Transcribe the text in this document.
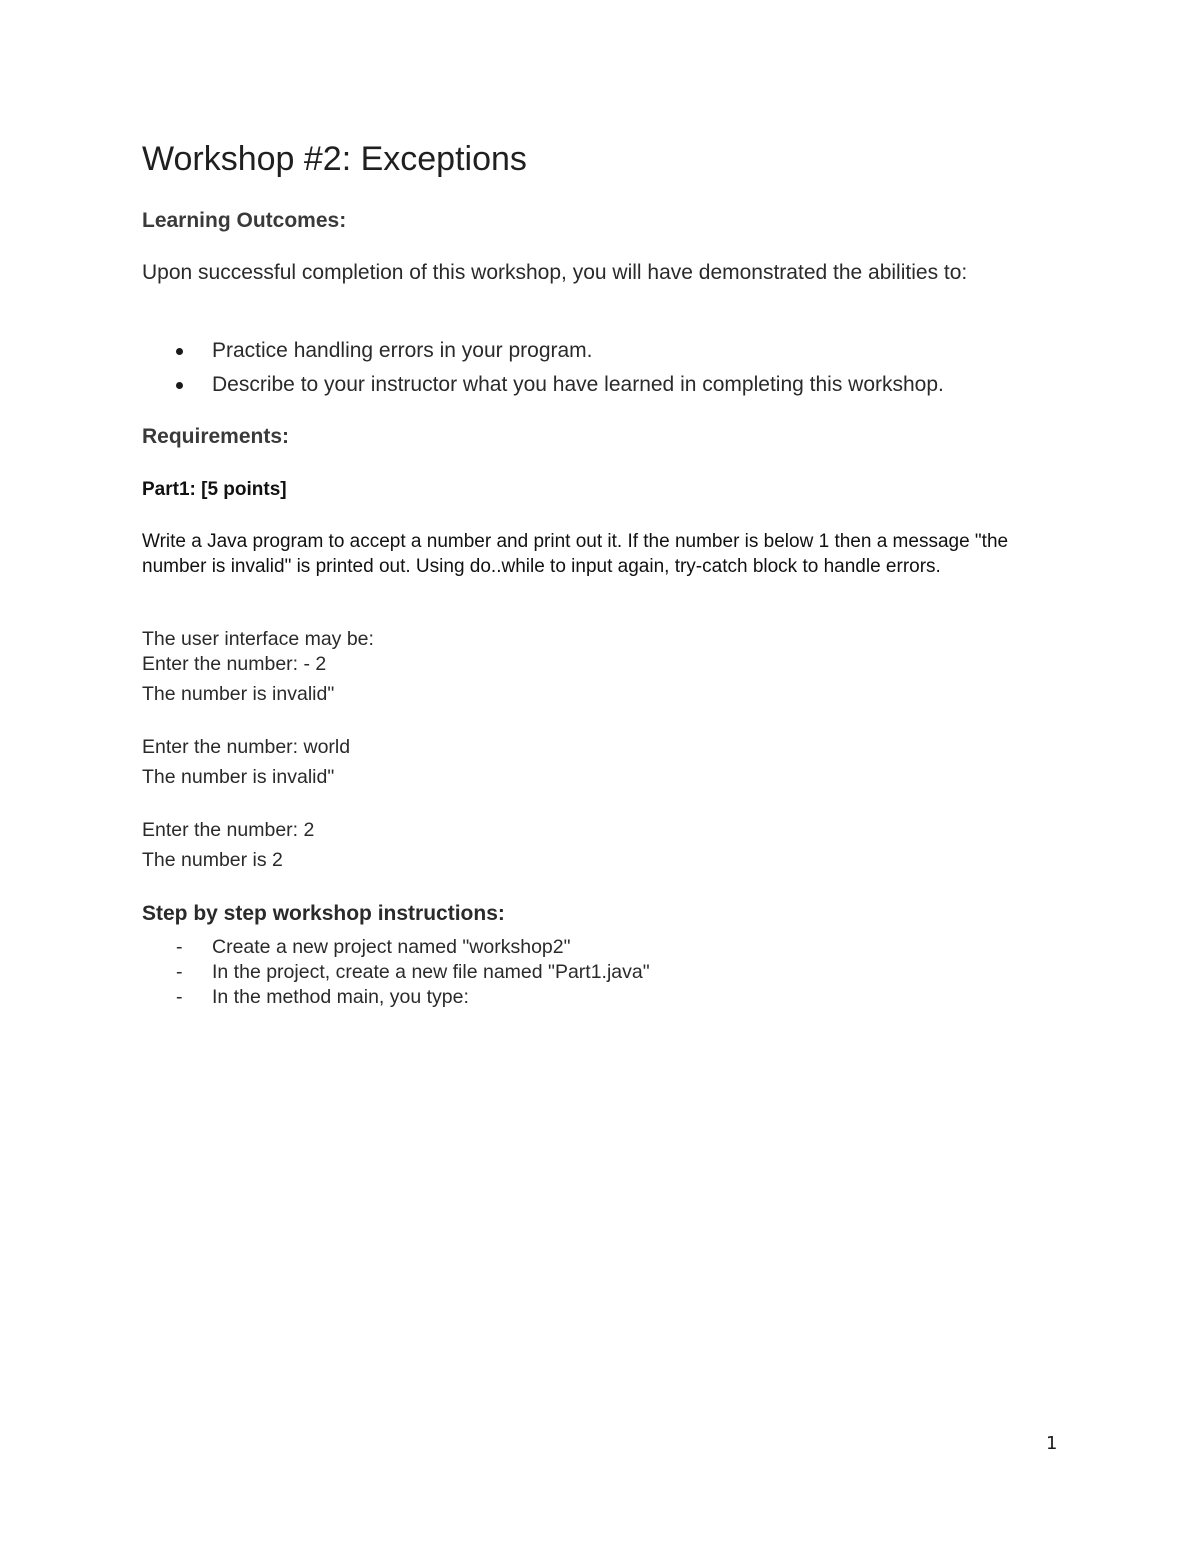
Workshop #2: Exceptions
Learning Outcomes:

Upon successful completion of this workshop, you will have demonstrated the abilities to:

Practice handling errors in your program.
Describe to your instructor what you have learned in completing this workshop.
Requirements:
Part1: [5 points]

Write a Java program to accept a number and print out it. If the number is below 1 then a message "the number is invalid" is printed out. Using do..while to input again, try-catch block to handle errors.

The user interface may be:

Enter the number: - 2

The number is invalid"

Enter the number: world

The number is invalid"

Enter the number: 2

The number is 2

Step by step workshop instructions:
- Create a new project named "workshop2"
- In the project, create a new file named "Part1.java"
- In the method main, you type:
1
